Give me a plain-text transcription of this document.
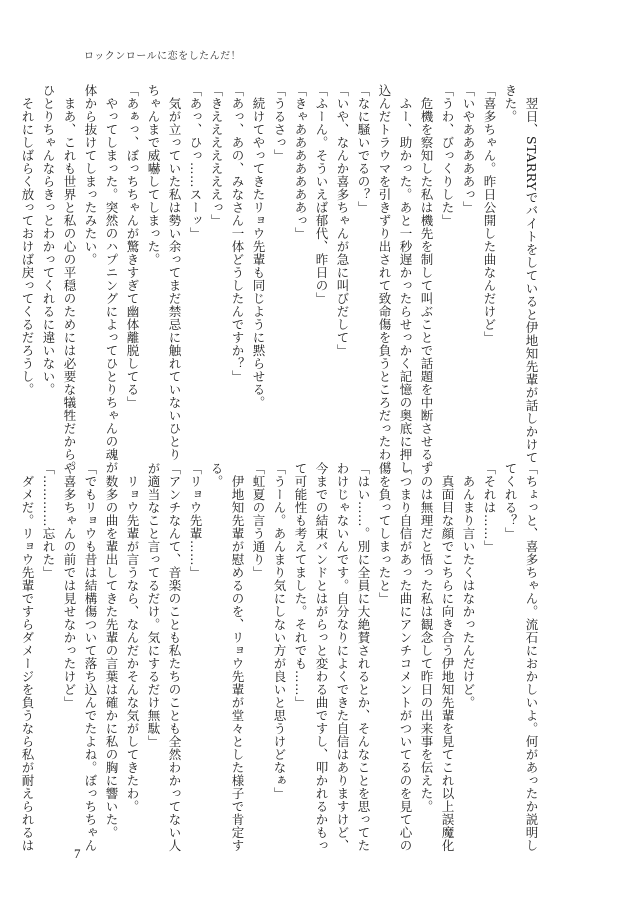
ロックンロールに恋をしたんだ！

　翌日、STARRYでバイトをしていると伊地知先輩が話しかけて

きた。

「喜多ちゃん。昨日公開した曲なんだけど」

「いやあああああっ」

「うわ、びっくりした」

　危機を察知した私は機先を制して叫ぶことで話題を中断させる。

　ふー、助かった。あと一秒遅かったらせっかく記憶の奥底に押し

込んだトラウマを引きずり出されて致命傷を負うところだったわ。

「なに騒いでるの？」

「いや、なんか喜多ちゃんが急に叫びだして」

「ふーん。そういえば郁代、昨日の」

「きゃあああああああっ」

「うるさっ」

　続けてやってきたリョウ先輩も同じように黙らせる。

「あっ、あの、みなさん一体どうしたんですか？」

「きえええええええっ」

「あっ、ひっ……スーッ」

　気が立っていた私は勢い余ってまだ禁忌に触れていないひとり

ちゃんまで威嚇してしまった。

「あぁっ、ぼっちちゃんが驚きすぎて幽体離脱してる」

　やってしまった。突然のハプニングによってひとりちゃんの魂が

体から抜けてしまったみたい。

　まあ、これも世界と私の心の平穏のためには必要な犠牲だから。

ひとりちゃんならきっとわかってくれるに違いない。

　それにしばらく放っておけば戻ってくるだろうし。

「ちょっと、喜多ちゃん。流石におかしいよ。何があったか説明し

てくれる？」

「それは……」

　あんまり言いたくはなかったんだけど。

　真面目な顔でこちらに向き合う伊地知先輩を見てこれ以上誤魔化

すのは無理だと悟った私は観念して昨日の出来事を伝えた。

「つまり自信があった曲にアンチコメントがついてるのを見て心の

傷を負ってしまったと」

「はい……。別に全員に大絶賛されるとか、そんなことを思ってた

わけじゃないんです。自分なりによくできた自信はありますけど、

今までの結束バンドとはがらっと変わる曲ですし、叩かれるかもっ

て可能性も考えてました。それでも……」

「うーん。あんまり気にしない方が良いと思うけどなぁ」

「虹夏の言う通り」

　伊地知先輩が慰めるのを、リョウ先輩が堂々とした様子で肯定す

る。

「リョウ先輩……」

「アンチなんて、音楽のことも私たちのことも全然わかってない人

が適当なこと言ってるだけ。気にするだけ無駄」

　リョウ先輩が言うなら、なんだかそんな気がしてきたわ。

　数多の曲を輩出してきた先輩の言葉は確かに私の胸に響いた。

「でもリョウも昔は結構傷ついて落ち込んでたよね。ぼっちちゃん

や喜多ちゃんの前では見せなかったけど」

「…………忘れた」

　ダメだ。リョウ先輩ですらダメージを負うなら私が耐えられるは

7
